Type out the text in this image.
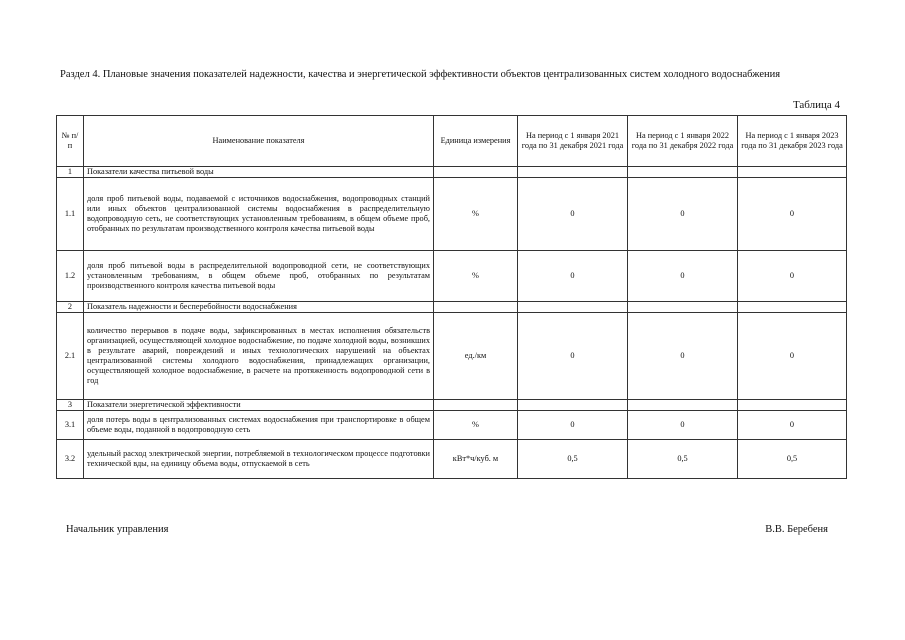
Раздел 4. Плановые значения показателей надежности, качества и энергетической эффективности объектов централизованных систем холодного водоснабжения
Таблица 4
№ п/п	Наименование показателя	Единица измерения	На период с 1 января 2021 года по 31 декабря 2021 года	На период с 1 января 2022 года по 31 декабря 2022 года	На период с 1 января 2023 года по 31 декабря 2023 года
1	Показатели качества питьевой воды				
1.1	доля проб питьевой воды, подаваемой с источников водоснабжения, водопроводных станций или иных объектов централизованной системы водоснабжения в распределительную водопроводную сеть, не соответствующих установленным требованиям, в общем объеме проб, отобранных по результатам производственного контроля качества питьевой воды	%	0	0	0
1.2	доля проб питьевой воды в распределительной водопроводной сети, не соответствующих установленным требованиям, в общем объеме проб, отобранных по результатам производственного контроля качества питьевой воды	%	0	0	0
2	Показатель надежности и бесперебойности водоснабжения				
2.1	количество перерывов в подаче воды, зафиксированных в местах исполнения обязательств организацией, осуществляющей холодное водоснабжение, по подаче холодной воды, возникших в результате аварий, повреждений и иных технологических нарушений на объектах централизованной системы холодного водоснабжения, принадлежащих организации, осуществляющей холодное водоснабжение, в расчете на протяженность водопроводной сети в год	ед./км	0	0	0
3	Показатели энергетической эффективности				
3.1	доля потерь воды в централизованных системах водоснабжения при транспортировке в общем объеме воды, поданной в водопроводную сеть	%	0	0	0
3.2	удельный расход электрической энергии, потребляемой в технологическом процессе подготовки технической вды, на единицу объема воды, отпускаемой в сеть	кВт*ч/куб. м	0,5	0,5	0,5
Начальник управления	В.В. Беребеня
